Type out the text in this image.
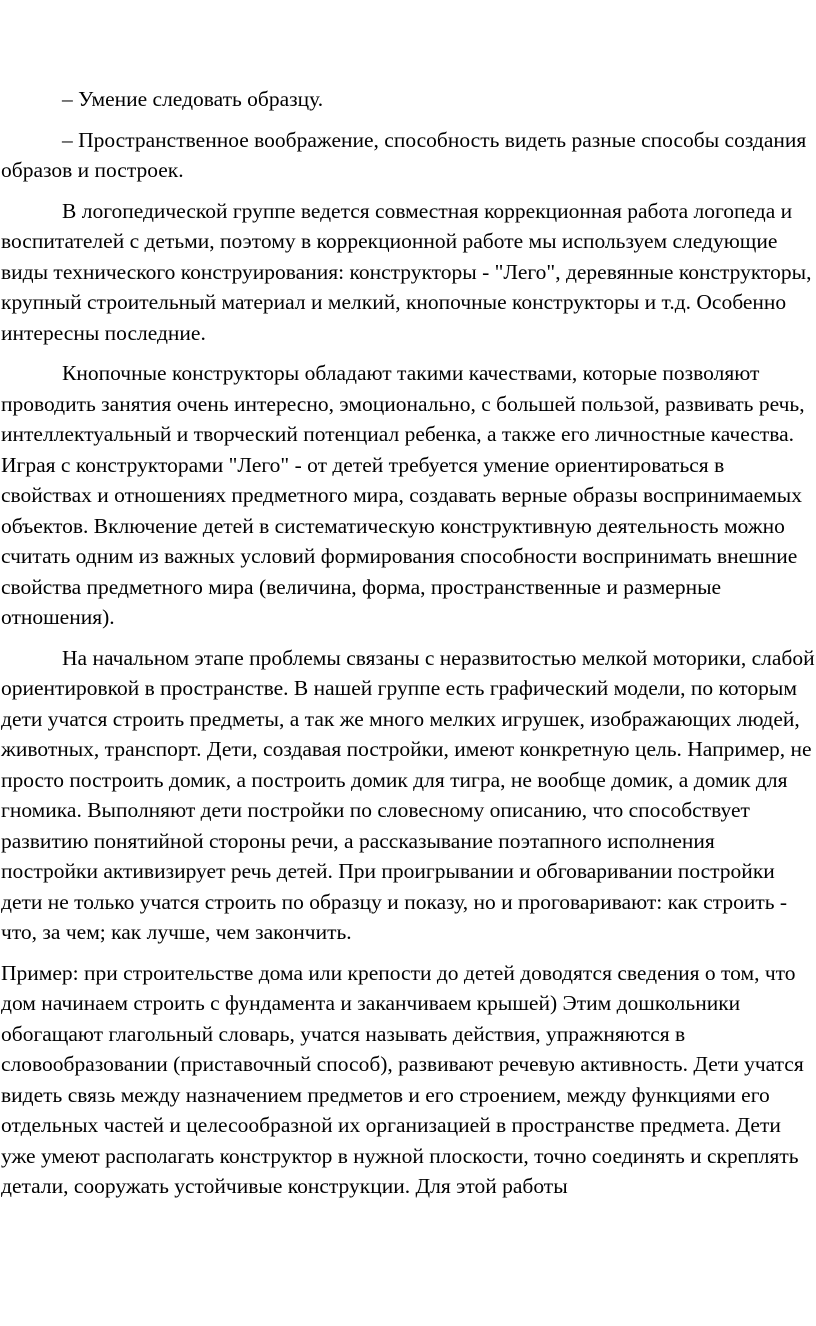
– Умение следовать образцу.

– Пространственное воображение, способность видеть разные способы создания образов и построек.

В логопедической группе ведется совместная коррекционная работа логопеда и воспитателей с детьми, поэтому в коррекционной работе мы используем следующие виды технического конструирования: конструкторы - "Лего", деревянные конструкторы, крупный строительный материал и мелкий, кнопочные конструкторы и т.д. Особенно интересны последние.

Кнопочные конструкторы обладают такими качествами, которые позволяют проводить занятия очень интересно, эмоционально, с большей пользой, развивать речь, интеллектуальный и творческий потенциал ребенка, а также его личностные качества. Играя с конструкторами "Лего" - от детей требуется умение ориентироваться в свойствах и отношениях предметного мира, создавать верные образы воспринимаемых объектов. Включение детей в систематическую конструктивную деятельность можно считать одним из важных условий формирования способности воспринимать внешние свойства предметного мира (величина, форма, пространственные и размерные отношения).

На начальном этапе проблемы связаны с неразвитостью мелкой моторики, слабой ориентировкой в пространстве. В нашей группе есть графический модели, по которым дети учатся строить предметы, а так же много мелких игрушек, изображающих людей, животных, транспорт. Дети, создавая постройки, имеют конкретную цель. Например, не просто построить домик, а построить домик для тигра, не вообще домик, а домик для гномика. Выполняют дети постройки по словесному описанию, что способствует развитию понятийной стороны речи, а рассказывание поэтапного исполнения постройки активизирует речь детей. При проигрывании и обговаривании постройки дети не только учатся строить по образцу и показу, но и проговаривают: как строить - что, за чем; как лучше, чем закончить.

Пример: при строительстве дома или крепости до детей доводятся сведения о том, что дом начинаем строить с фундамента и заканчиваем крышей) Этим дошкольники обогащают глагольный словарь, учатся называть действия, упражняются в словообразовании (приставочный способ), развивают речевую активность. Дети учатся видеть связь между назначением предметов и его строением, между функциями его отдельных частей и целесообразной их организацией в пространстве предмета. Дети уже умеют располагать конструктор в нужной плоскости, точно соединять и скреплять детали, сооружать устойчивые конструкции. Для этой работы
